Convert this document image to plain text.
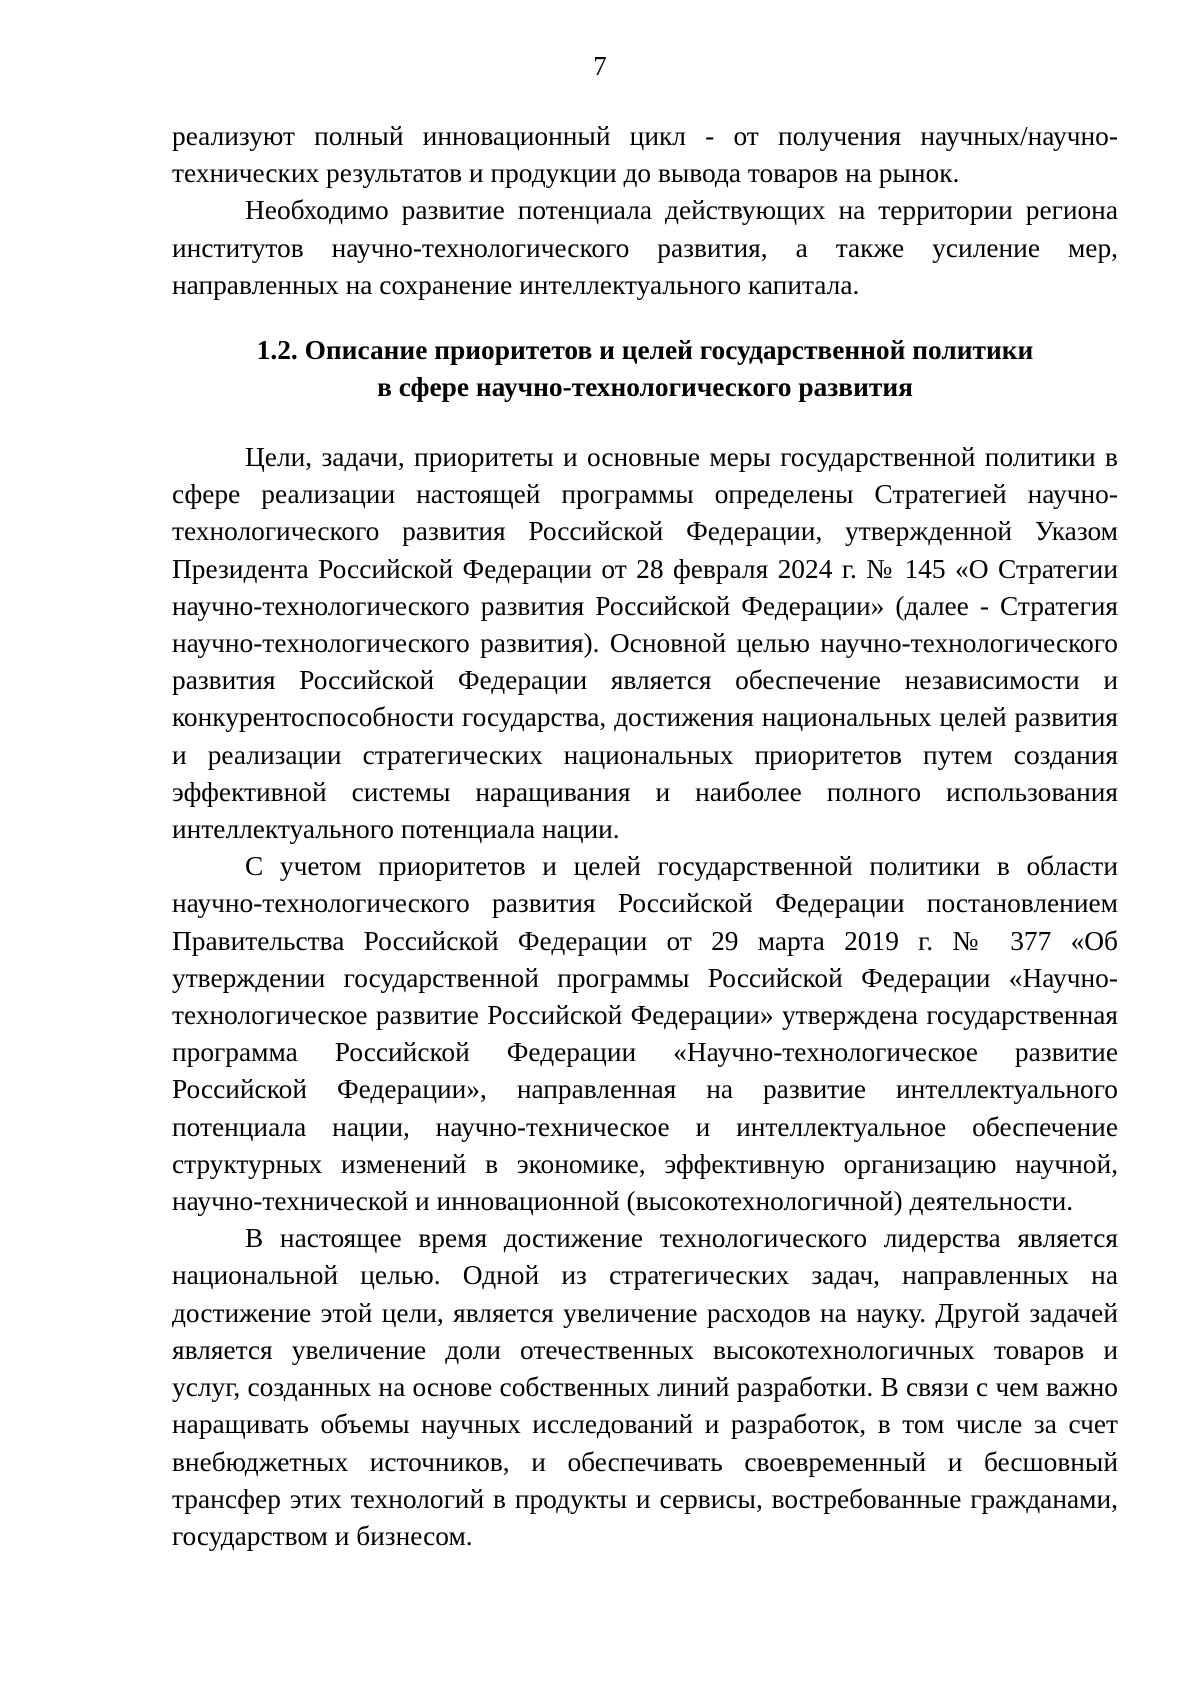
7

реализуют полный инновационный цикл - от получения научных/научно-технических результатов и продукции до вывода товаров на рынок.

Необходимо развитие потенциала действующих на территории региона институтов научно-технологического развития, а также усиление мер, направленных на сохранение интеллектуального капитала.

1.2. Описание приоритетов и целей государственной политики
в сфере научно-технологического развития

Цели, задачи, приоритеты и основные меры государственной политики в сфере реализации настоящей программы определены Стратегией научно-технологического развития Российской Федерации, утвержденной Указом Президента Российской Федерации от 28 февраля 2024 г. № 145 «О Стратегии научно-технологического развития Российской Федерации» (далее - Стратегия научно-технологического развития). Основной целью научно-технологического развития Российской Федерации является обеспечение независимости и конкурентоспособности государства, достижения национальных целей развития и реализации стратегических национальных приоритетов путем создания эффективной системы наращивания и наиболее полного использования интеллектуального потенциала нации.

С учетом приоритетов и целей государственной политики в области научно-технологического развития Российской Федерации постановлением Правительства Российской Федерации от 29 марта 2019 г. № 377 «Об утверждении государственной программы Российской Федерации «Научно-технологическое развитие Российской Федерации» утверждена государственная программа Российской Федерации «Научно-технологическое развитие Российской Федерации», направленная на развитие интеллектуального потенциала нации, научно-техническое и интеллектуальное обеспечение структурных изменений в экономике, эффективную организацию научной, научно-технической и инновационной (высокотехнологичной) деятельности.

В настоящее время достижение технологического лидерства является национальной целью. Одной из стратегических задач, направленных на достижение этой цели, является увеличение расходов на науку. Другой задачей является увеличение доли отечественных высокотехнологичных товаров и услуг, созданных на основе собственных линий разработки. В связи с чем важно наращивать объемы научных исследований и разработок, в том числе за счет внебюджетных источников, и обеспечивать своевременный и бесшовный трансфер этих технологий в продукты и сервисы, востребованные гражданами, государством и бизнесом.
